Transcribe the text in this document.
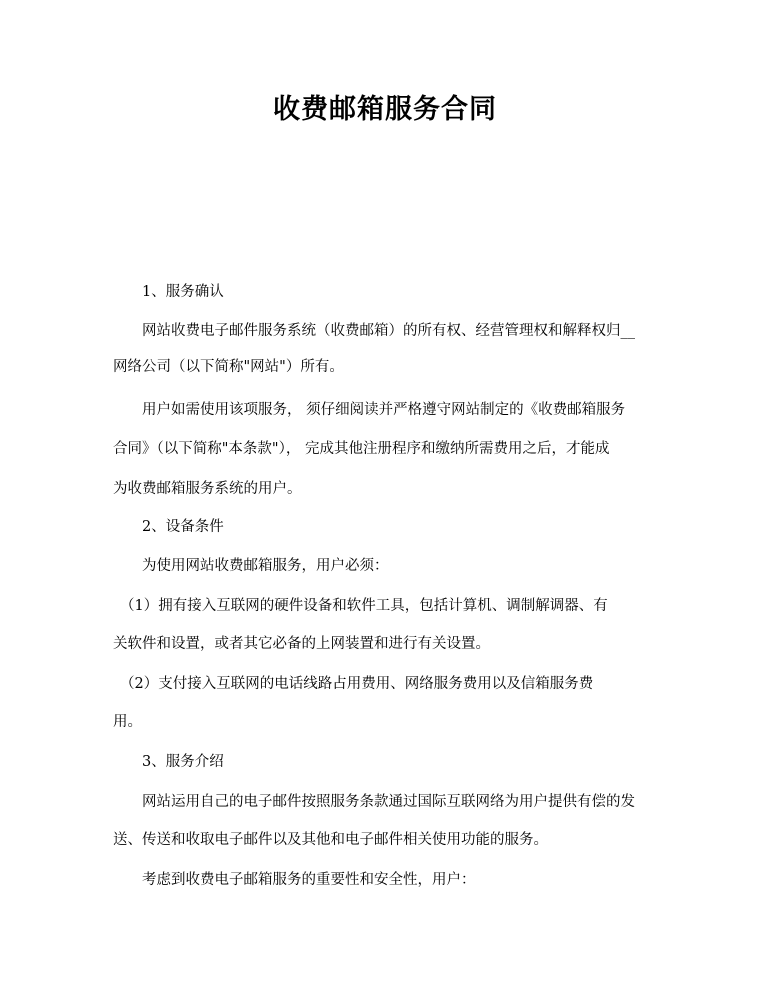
收费邮箱服务合同

1、服务确认

网站收费电子邮件服务系统（收费邮箱）的所有权、经营管理权和解释权归__

网络公司（以下简称"网站"）所有。

用户如需使用该项服务， 须仔细阅读并严格遵守网站制定的《收费邮箱服务

合同》（以下简称"本条款"）， 完成其他注册程序和缴纳所需费用之后，才能成

为收费邮箱服务系统的用户。

2、设备条件

为使用网站收费邮箱服务，用户必须：

（1）拥有接入互联网的硬件设备和软件工具，包括计算机、调制解调器、有

关软件和设置，或者其它必备的上网装置和进行有关设置。

（2）支付接入互联网的电话线路占用费用、网络服务费用以及信箱服务费

用。

3、服务介绍

网站运用自己的电子邮件按照服务条款通过国际互联网络为用户提供有偿的发

送、传送和收取电子邮件以及其他和电子邮件相关使用功能的服务。

考虑到收费电子邮箱服务的重要性和安全性，用户：
